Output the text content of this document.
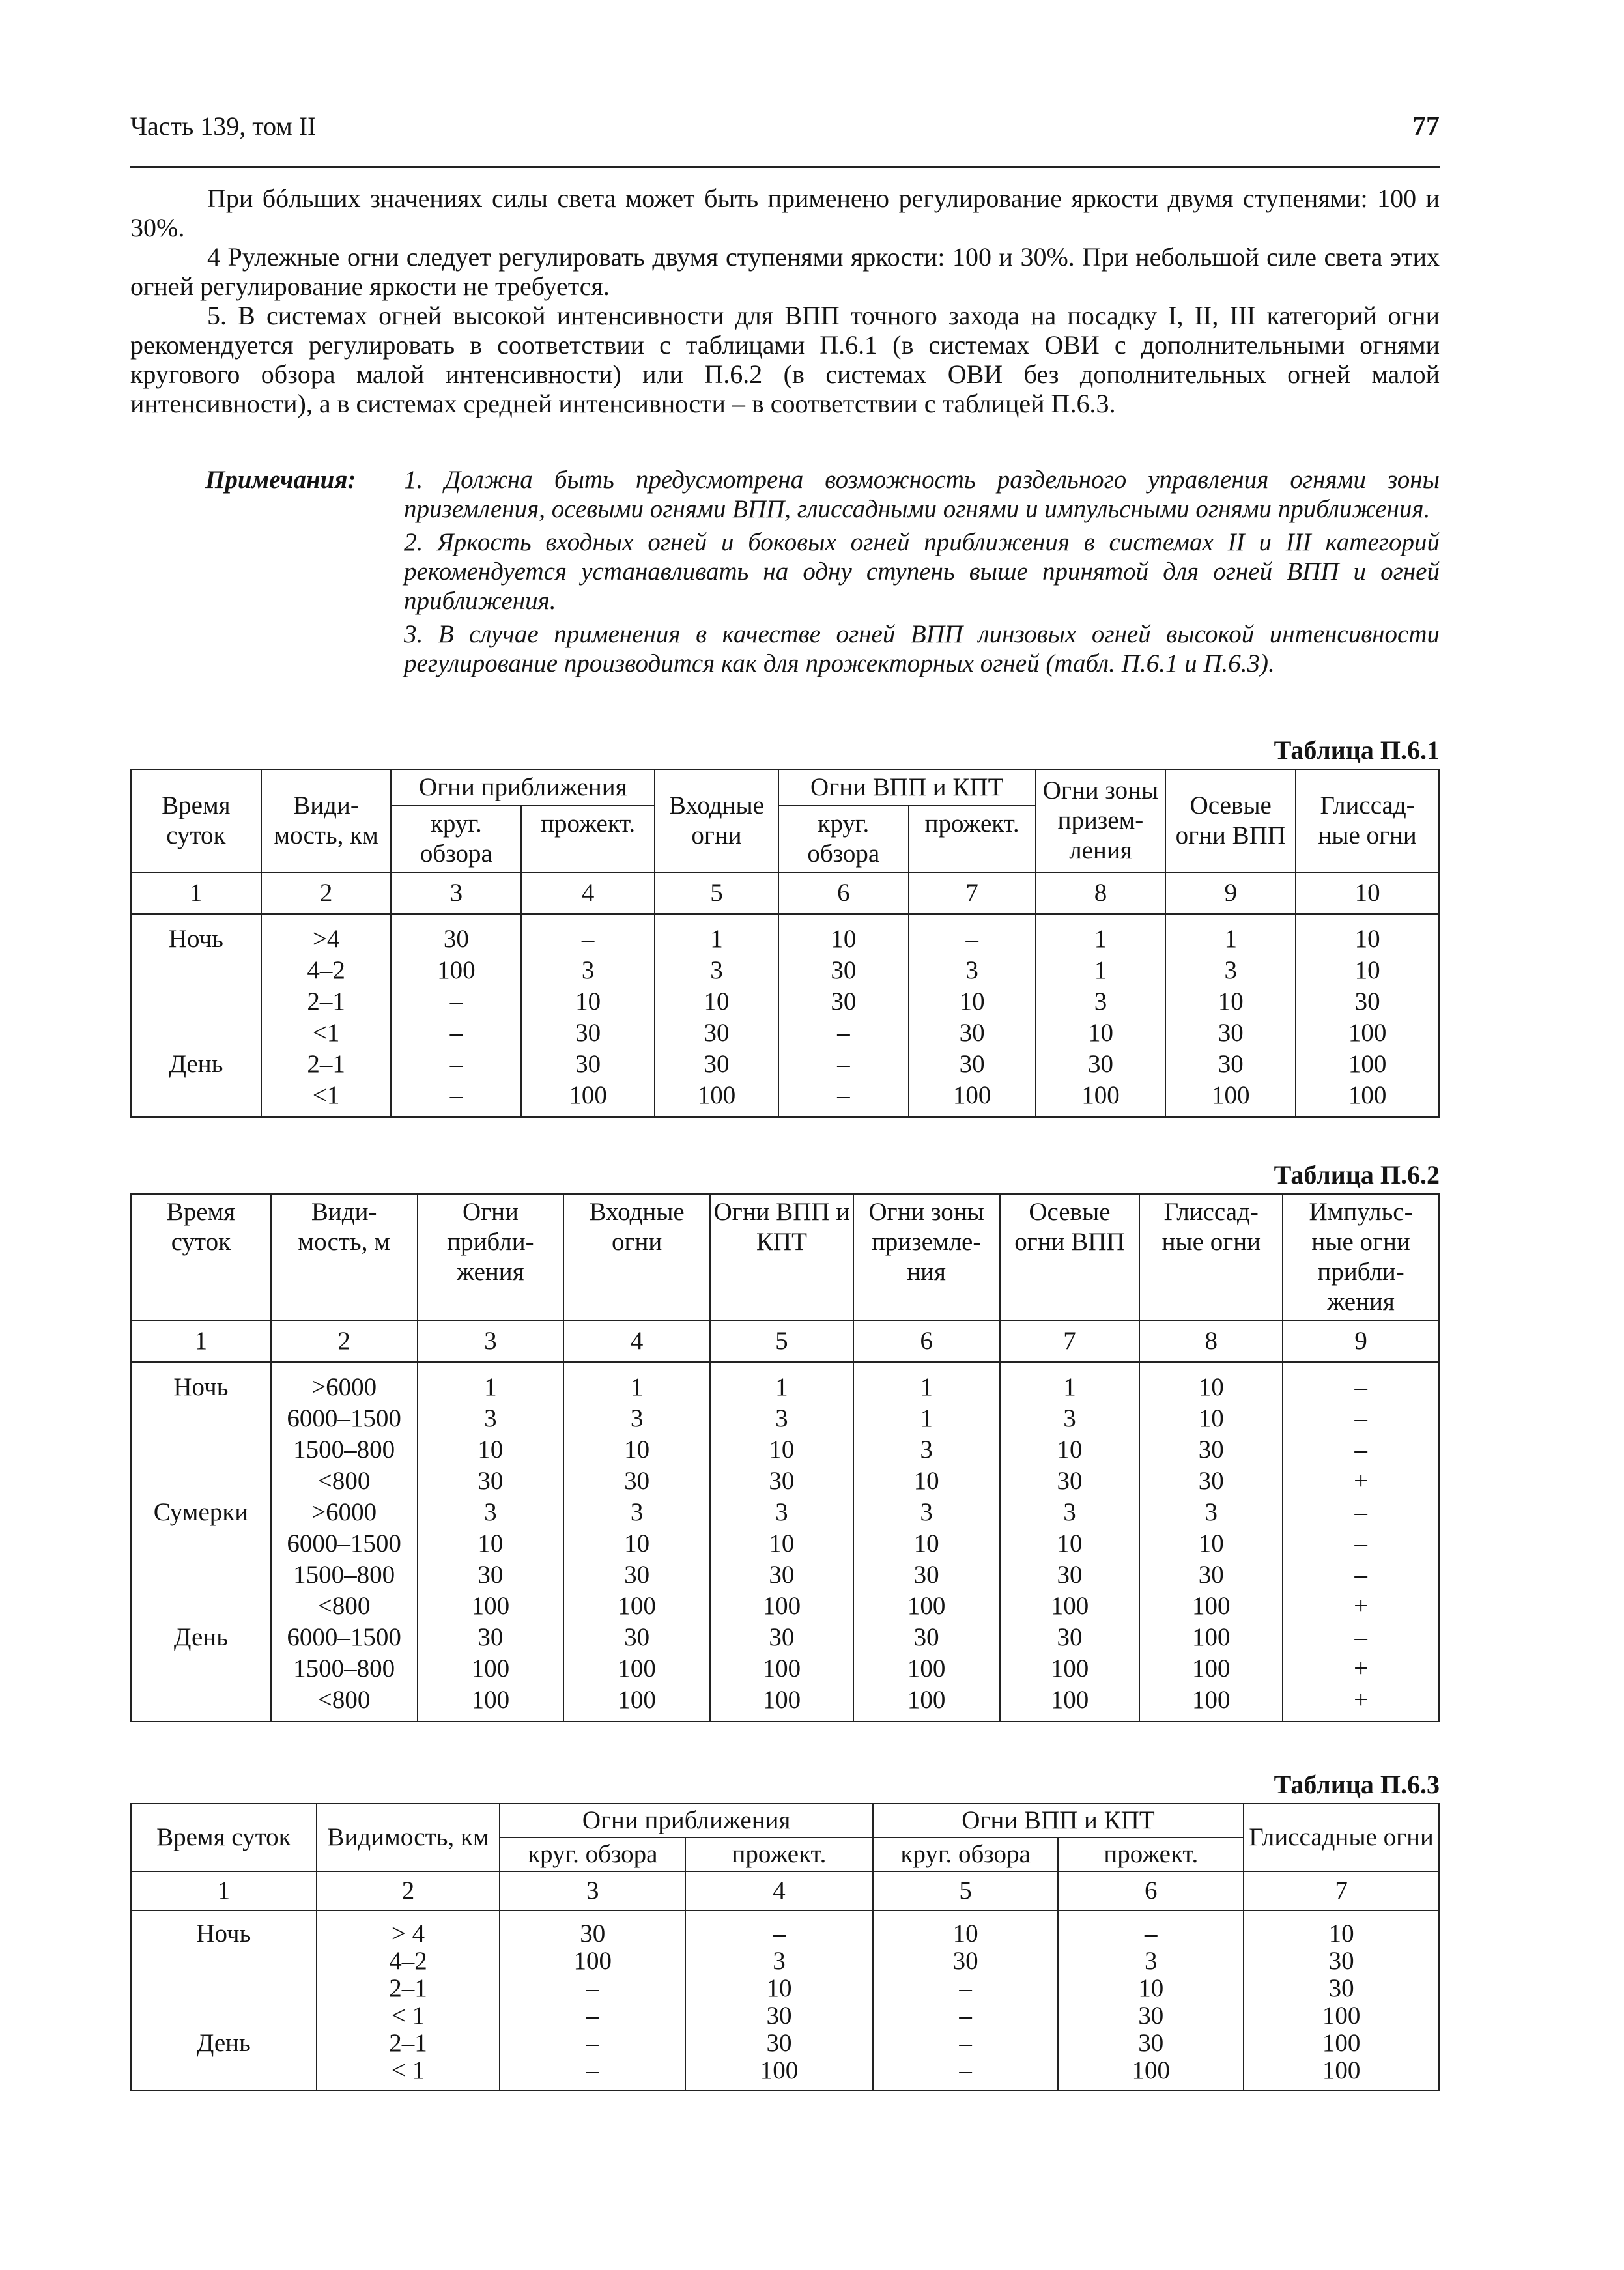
Часть 139, том II	77

При бóльших значениях силы света может быть применено регулирование яркости двумя ступенями: 100 и 30%.

4 Рулежные огни следует регулировать двумя ступенями яркости: 100 и 30%. При небольшой силе света этих огней регулирование яркости не требуется.

5. В системах огней высокой интенсивности для ВПП точного захода на посадку I, II, III категорий огни рекомендуется регулировать в соответствии с таблицами П.6.1 (в системах ОВИ с дополнительными огнями кругового обзора малой интенсивности) или П.6.2 (в системах ОВИ без дополнительных огней малой интенсивности), а в системах средней интенсивности – в соответствии с таблицей П.6.3.

Примечания: 1. Должна быть предусмотрена возможность раздельного управления огнями зоны приземления, осевыми огнями ВПП, глиссадными огнями и импульсными огнями приближения.

2. Яркость входных огней и боковых огней приближения в системах II и III категорий рекомендуется устанавливать на одну ступень выше принятой для огней ВПП и огней приближения.

3. В случае применения в качестве огней ВПП линзовых огней высокой интенсивности регулирование производится как для прожекторных огней (табл. П.6.1 и П.6.3).

Таблица П.6.1
Время суток	Види- мость, км	Огни приближения		Входные огни	Огни ВПП и КПТ		Огни зоны призем- ления	Осевые огни ВПП	Глиссад- ные огни
		круг. обзора	прожект.		круг. обзора	прожект.			
1	2	3	4	5	6	7	8	9	10
Ночь	>4	30	–	1	10	–	1	1	10
	4–2	100	3	3	30	3	1	3	10
	2–1	–	10	10	30	10	3	10	30
	<1	–	30	30	–	30	10	30	100
День	2–1	–	30	30	–	30	30	30	100
	<1	–	100	100	–	100	100	100	100
Таблица П.6.2
Время суток	Види- мость, м	Огни прибли- жения	Входные огни	Огни ВПП и КПТ	Огни зоны приземле- ния	Осевые огни ВПП	Глиссад- ные огни	Импульс- ные огни прибли- жения
1	2	3	4	5	6	7	8	9
Ночь	>6000	1	1	1	1	1	10	–
	6000–1500	3	3	3	1	3	10	–
	1500–800	10	10	10	3	10	30	–
	<800	30	30	30	10	30	30	+
Сумерки	>6000	3	3	3	3	3	3	–
	6000–1500	10	10	10	10	10	10	–
	1500–800	30	30	30	30	30	30	–
	<800	100	100	100	100	100	100	+
День	6000–1500	30	30	30	30	30	100	–
	1500–800	100	100	100	100	100	100	+
	<800	100	100	100	100	100	100	+
Таблица П.6.3
Время суток	Видимость, км	Огни приближения		Огни ВПП и КПТ		Глиссадные огни
		круг. обзора	прожект.	круг. обзора	прожект.	
1	2	3	4	5	6	7
Ночь	> 4	30	–	10	–	10
	4–2	100	3	30	3	30
	2–1	–	10	–	10	30
	< 1	–	30	–	30	100
День	2–1	–	30	–	30	100
	< 1	–	100	–	100	100
